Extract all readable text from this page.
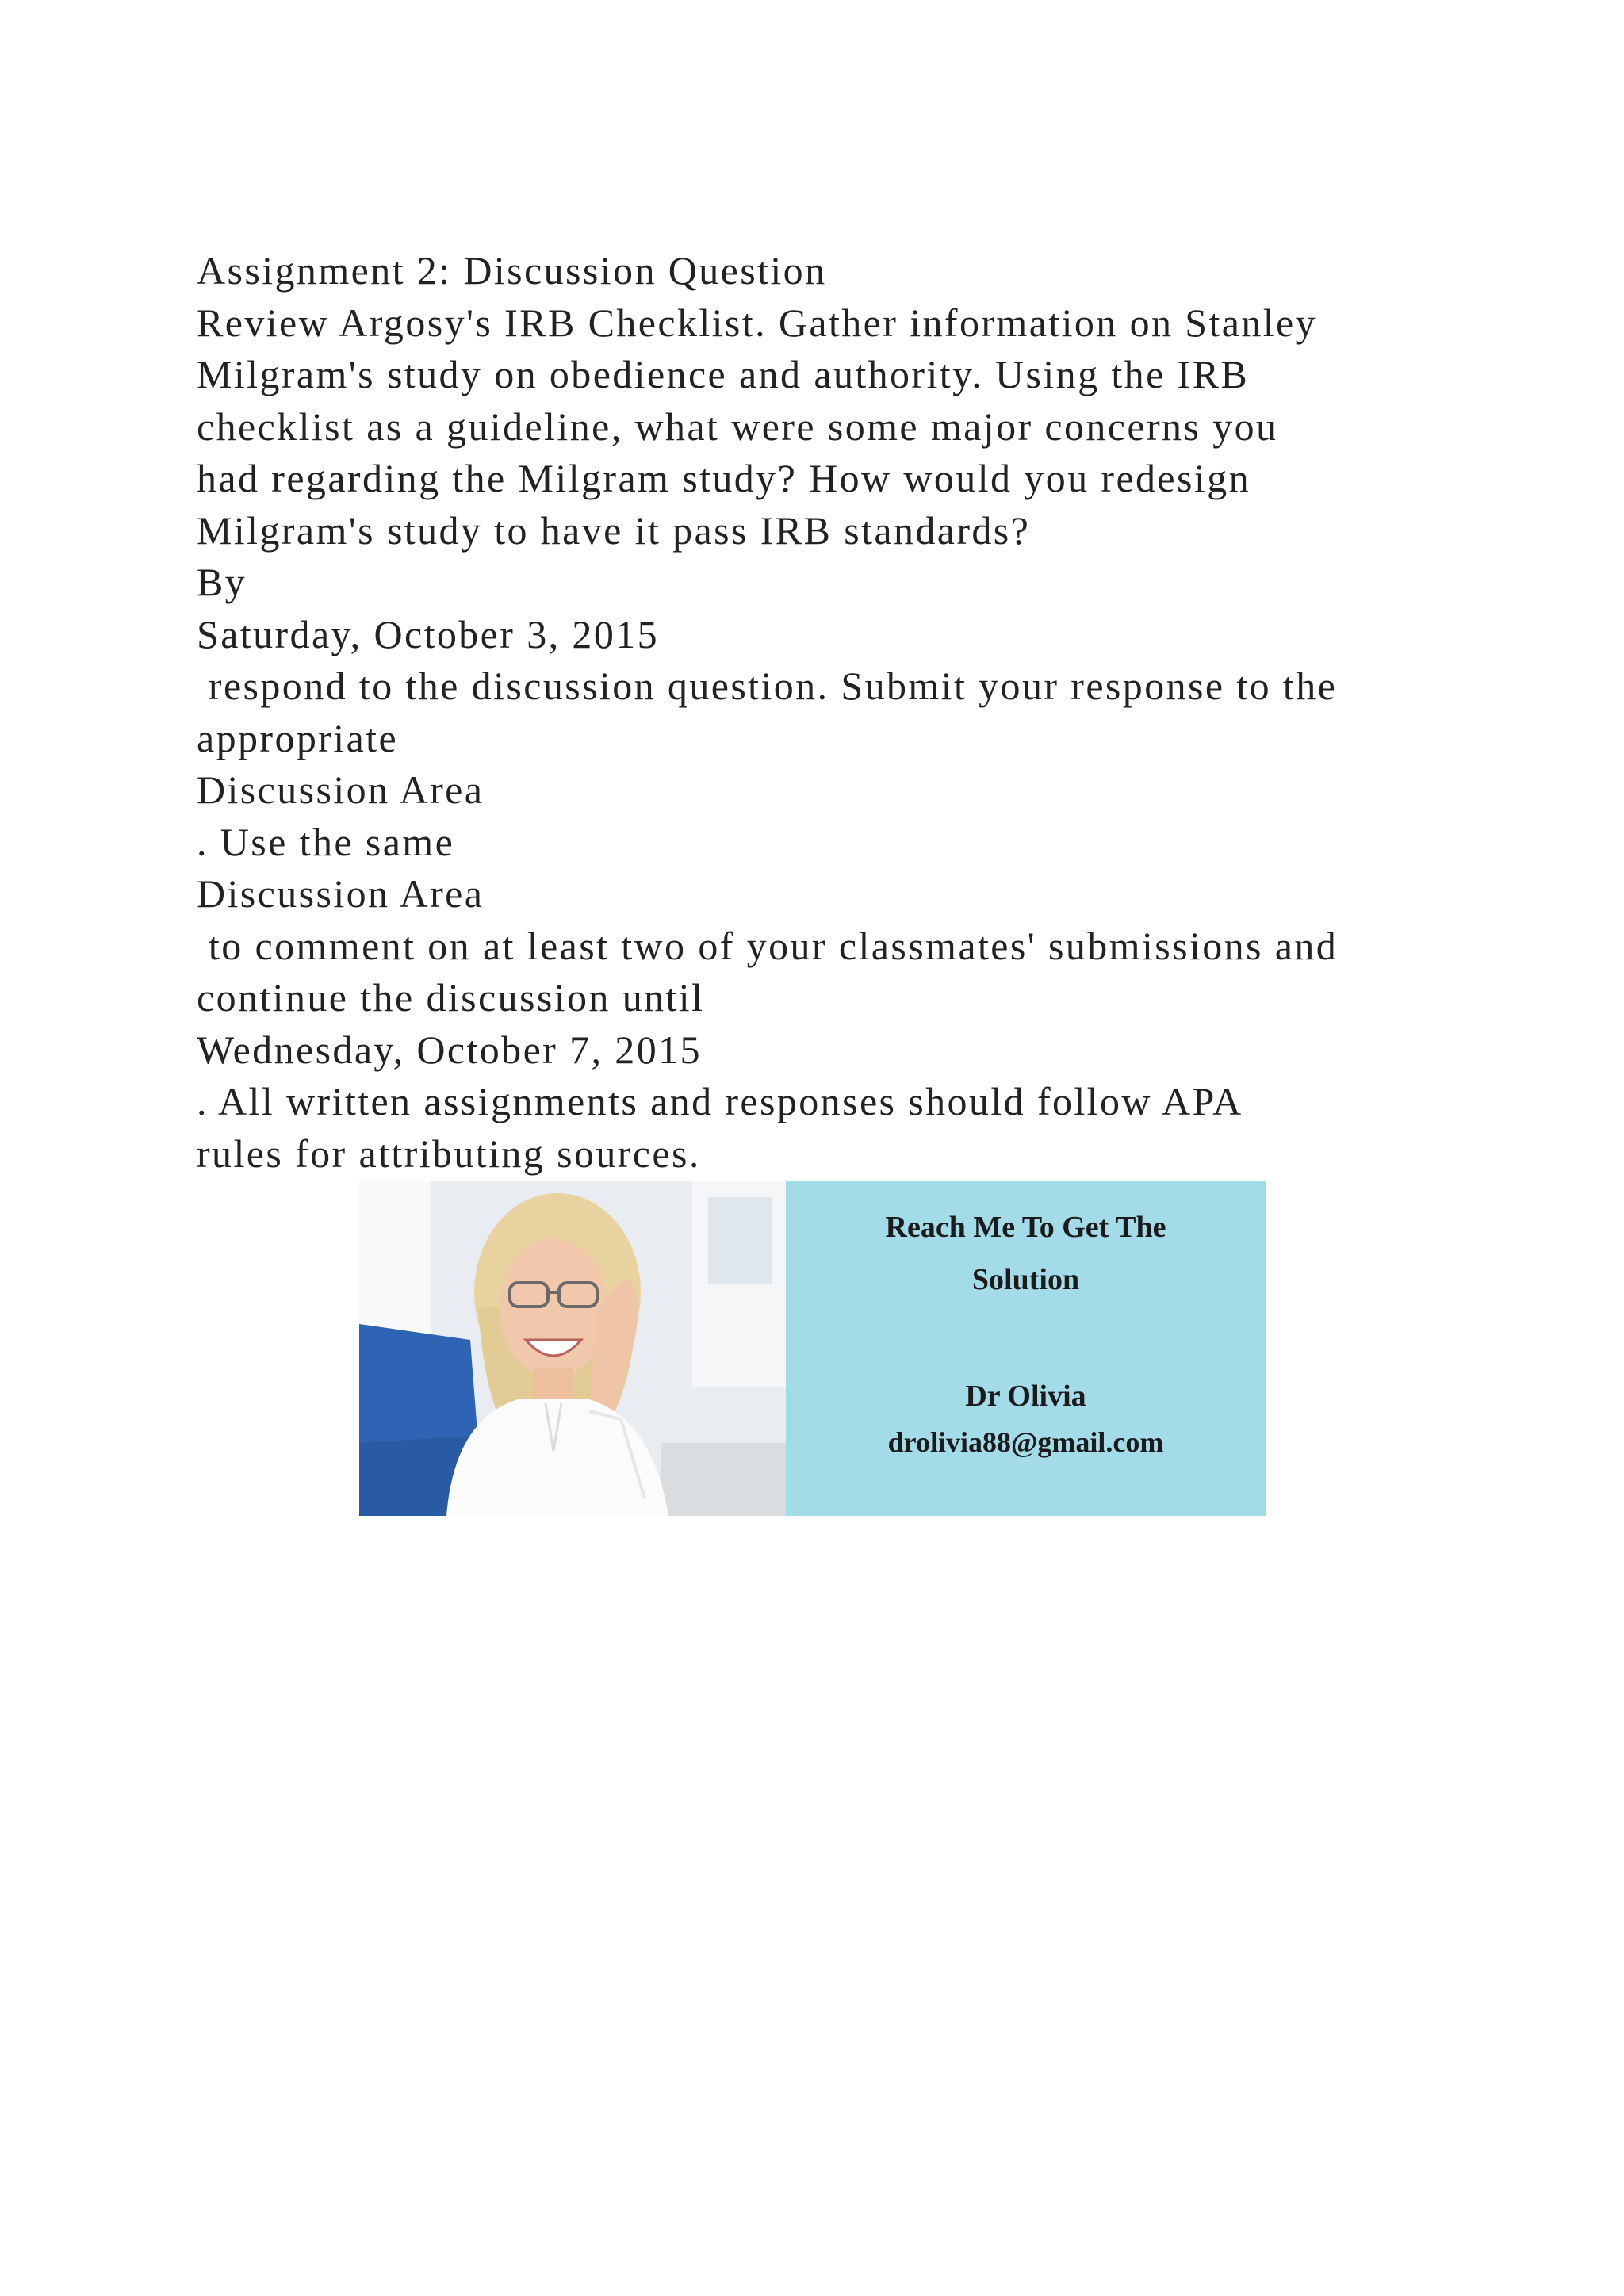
Assignment 2: Discussion Question
Review Argosy's IRB Checklist. Gather information on Stanley
Milgram's study on obedience and authority. Using the IRB
checklist as a guideline, what were some major concerns you
had regarding the Milgram study? How would you redesign
Milgram's study to have it pass IRB standards?
By
Saturday, October 3, 2015
respond to the discussion question. Submit your response to the
appropriate
Discussion Area
. Use the same
Discussion Area
to comment on at least two of your classmates' submissions and
continue the discussion until
Wednesday, October 7, 2015
. All written assignments and responses should follow APA
rules for attributing sources.
Reach Me To Get The
Solution
Dr Olivia
drolivia88@gmail.com
